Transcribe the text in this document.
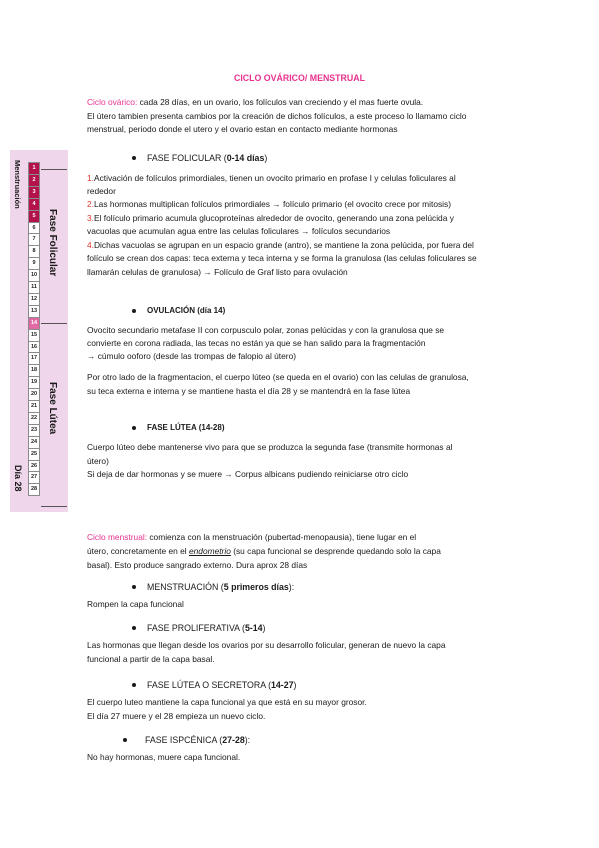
CICLO OVÁRICO/ MENSTRUAL
Ciclo ovárico: cada 28 días, en un ovario, los folículos van creciendo y el mas fuerte ovula.
El útero tambien presenta cambios por la creación de dichos folículos, a este proceso lo llamamo ciclo
menstrual, periodo donde el utero y el ovario estan en contacto mediante hormonas
1
2
3
4
5
6
7
8
9
10
11
12
13
14
15
16
17
18
19
20
21
22
23
24
25
26
27
28
Menstruación
Fase Folicular
Fase Lútea
Día 28
FASE FOLICULAR (0-14 días)
1.Activación de folículos primordiales, tienen un ovocito primario en profase I y celulas foliculares al
rededor
2.Las hormonas multiplican folículos primordiales → folículo primario (el ovocito crece por mitosis)
3.El folículo primario acumula glucoproteínas alrededor de ovocito, generando una zona pelúcida y
vacuolas que acumulan agua entre las celulas foliculares → folículos secundarios
4.Dichas vacuolas se agrupan en un espacio grande (antro), se mantiene la zona pelúcida, por fuera del
folículo se crean dos capas: teca externa y teca interna y se forma la granulosa (las celulas foliculares se
llamarán celulas de granulosa) → Folículo de Graf listo para ovulación
OVULACIÓN (día 14)
Ovocito secundario metafase II con corpusculo polar, zonas pelúcidas y con la granulosa que se
convierte en corona radiada, las tecas no están ya que se han salido para la fragmentación
→ cúmulo ooforo (desde las trompas de falopio al útero)
Por otro lado de la fragmentacion, el cuerpo lúteo (se queda en el ovario) con las celulas de granulosa,
su teca externa e interna y se mantiene hasta el día 28 y se mantendrá en la fase lútea
FASE LÚTEA (14-28)
Cuerpo lúteo debe mantenerse vivo para que se produzca la segunda fase (transmite hormonas al
útero)
Si deja de dar hormonas y se muere → Corpus albicans pudiendo reiniciarse otro ciclo
Ciclo menstrual: comienza con la menstruación (pubertad-menopausia), tiene lugar en el
útero, concretamente en el endometrio (su capa funcional se desprende quedando solo la capa
basal). Esto produce sangrado externo. Dura aprox 28 días
MENSTRUACIÓN (5 primeros días):
Rompen la capa funcional
FASE PROLIFERATIVA (5-14)
Las hormonas que llegan desde los ovarios por su desarrollo folicular, generan de nuevo la capa
funcional a partir de la capa basal.
FASE LÚTEA O SECRETORA (14-27)
El cuerpo luteo mantiene la capa funcional ya que está en su mayor grosor.
El día 27 muere y el 28 empieza un nuevo ciclo.
FASE ISPCÉNICA (27-28):
No hay hormonas, muere capa funcional.
